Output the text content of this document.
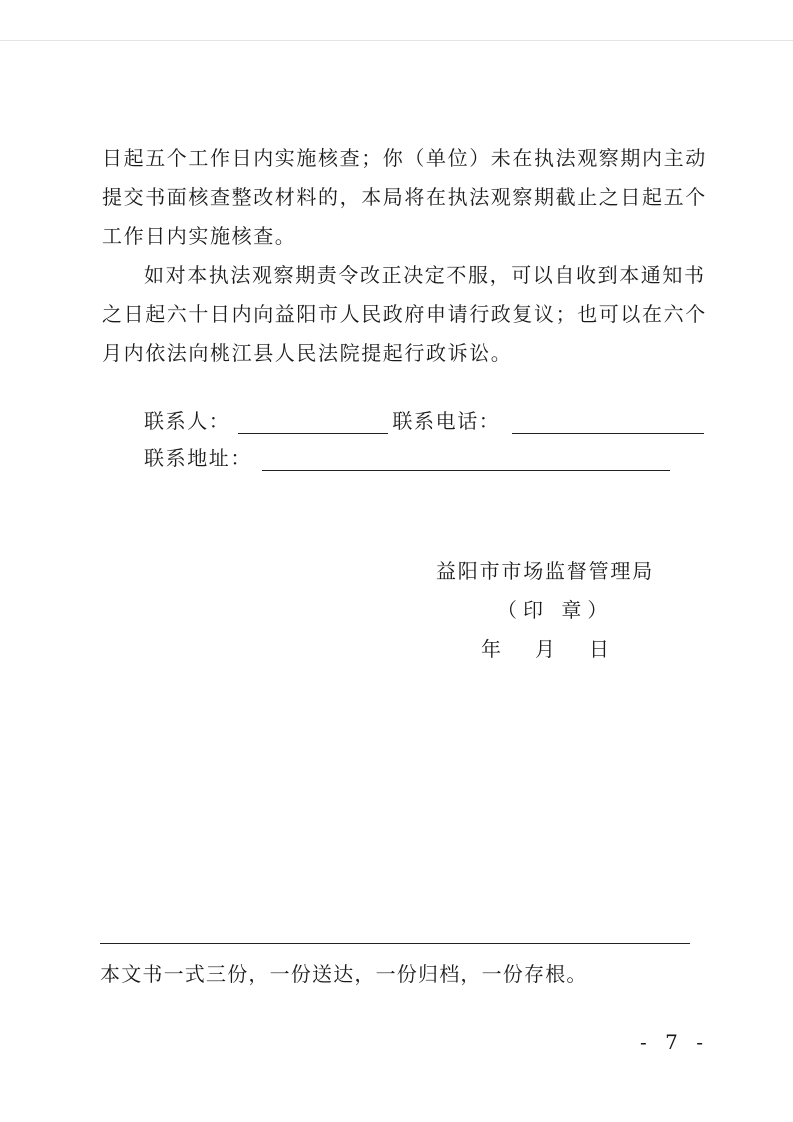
日起五个工作日内实施核查；你（单位）未在执法观察期内主动
提交书面核查整改材料的，本局将在执法观察期截止之日起五个
工作日内实施核查。
如对本执法观察期责令改正决定不服，可以自收到本通知书
之日起六十日内向益阳市人民政府申请行政复议；也可以在六个
月内依法向桃江县人民法院提起行政诉讼。
联系人：	联系电话：
联系地址：
益阳市市场监督管理局
（印 章）
年 月 日
本文书一式三份，一份送达，一份归档，一份存根。
- 7 -
